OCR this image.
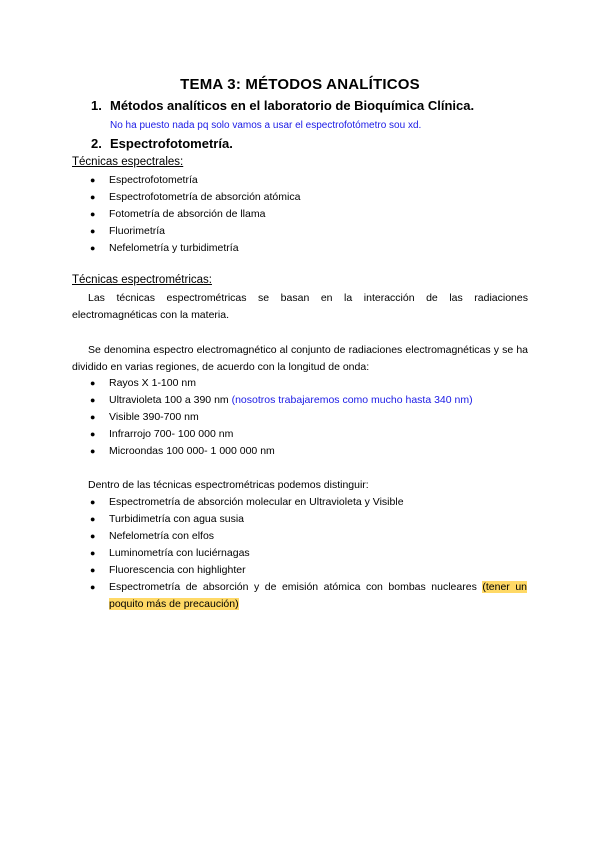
TEMA 3: MÉTODOS ANALÍTICOS
1. Métodos analíticos en el laboratorio de Bioquímica Clínica.
No ha puesto nada pq solo vamos a usar el espectrofotómetro sou xd.
2. Espectrofotometría.
Técnicas espectrales:
● Espectrofotometría
● Espectrofotometría de absorción atómica
● Fotometría de absorción de llama
● Fluorimetría
● Nefelometría y turbidimetría
Técnicas espectrométricas:
Las técnicas espectrométricas se basan en la interacción de las radiaciones electromagnéticas con la materia.
Se denomina espectro electromagnético al conjunto de radiaciones electromagnéticas y se ha dividido en varias regiones, de acuerdo con la longitud de onda:
● Rayos X 1-100 nm
● Ultravioleta 100 a 390 nm (nosotros trabajaremos como mucho hasta 340 nm)
● Visible 390-700 nm
● Infrarrojo 700- 100 000 nm
● Microondas 100 000- 1 000 000 nm
Dentro de las técnicas espectrométricas podemos distinguir:
● Espectrometría de absorción molecular en Ultravioleta y Visible
● Turbidimetría con agua susia
● Nefelometría con elfos
● Luminometría con luciérnagas
● Fluorescencia con highlighter
● Espectrometría de absorción y de emisión atómica con bombas nucleares (tener un poquito más de precaución)
